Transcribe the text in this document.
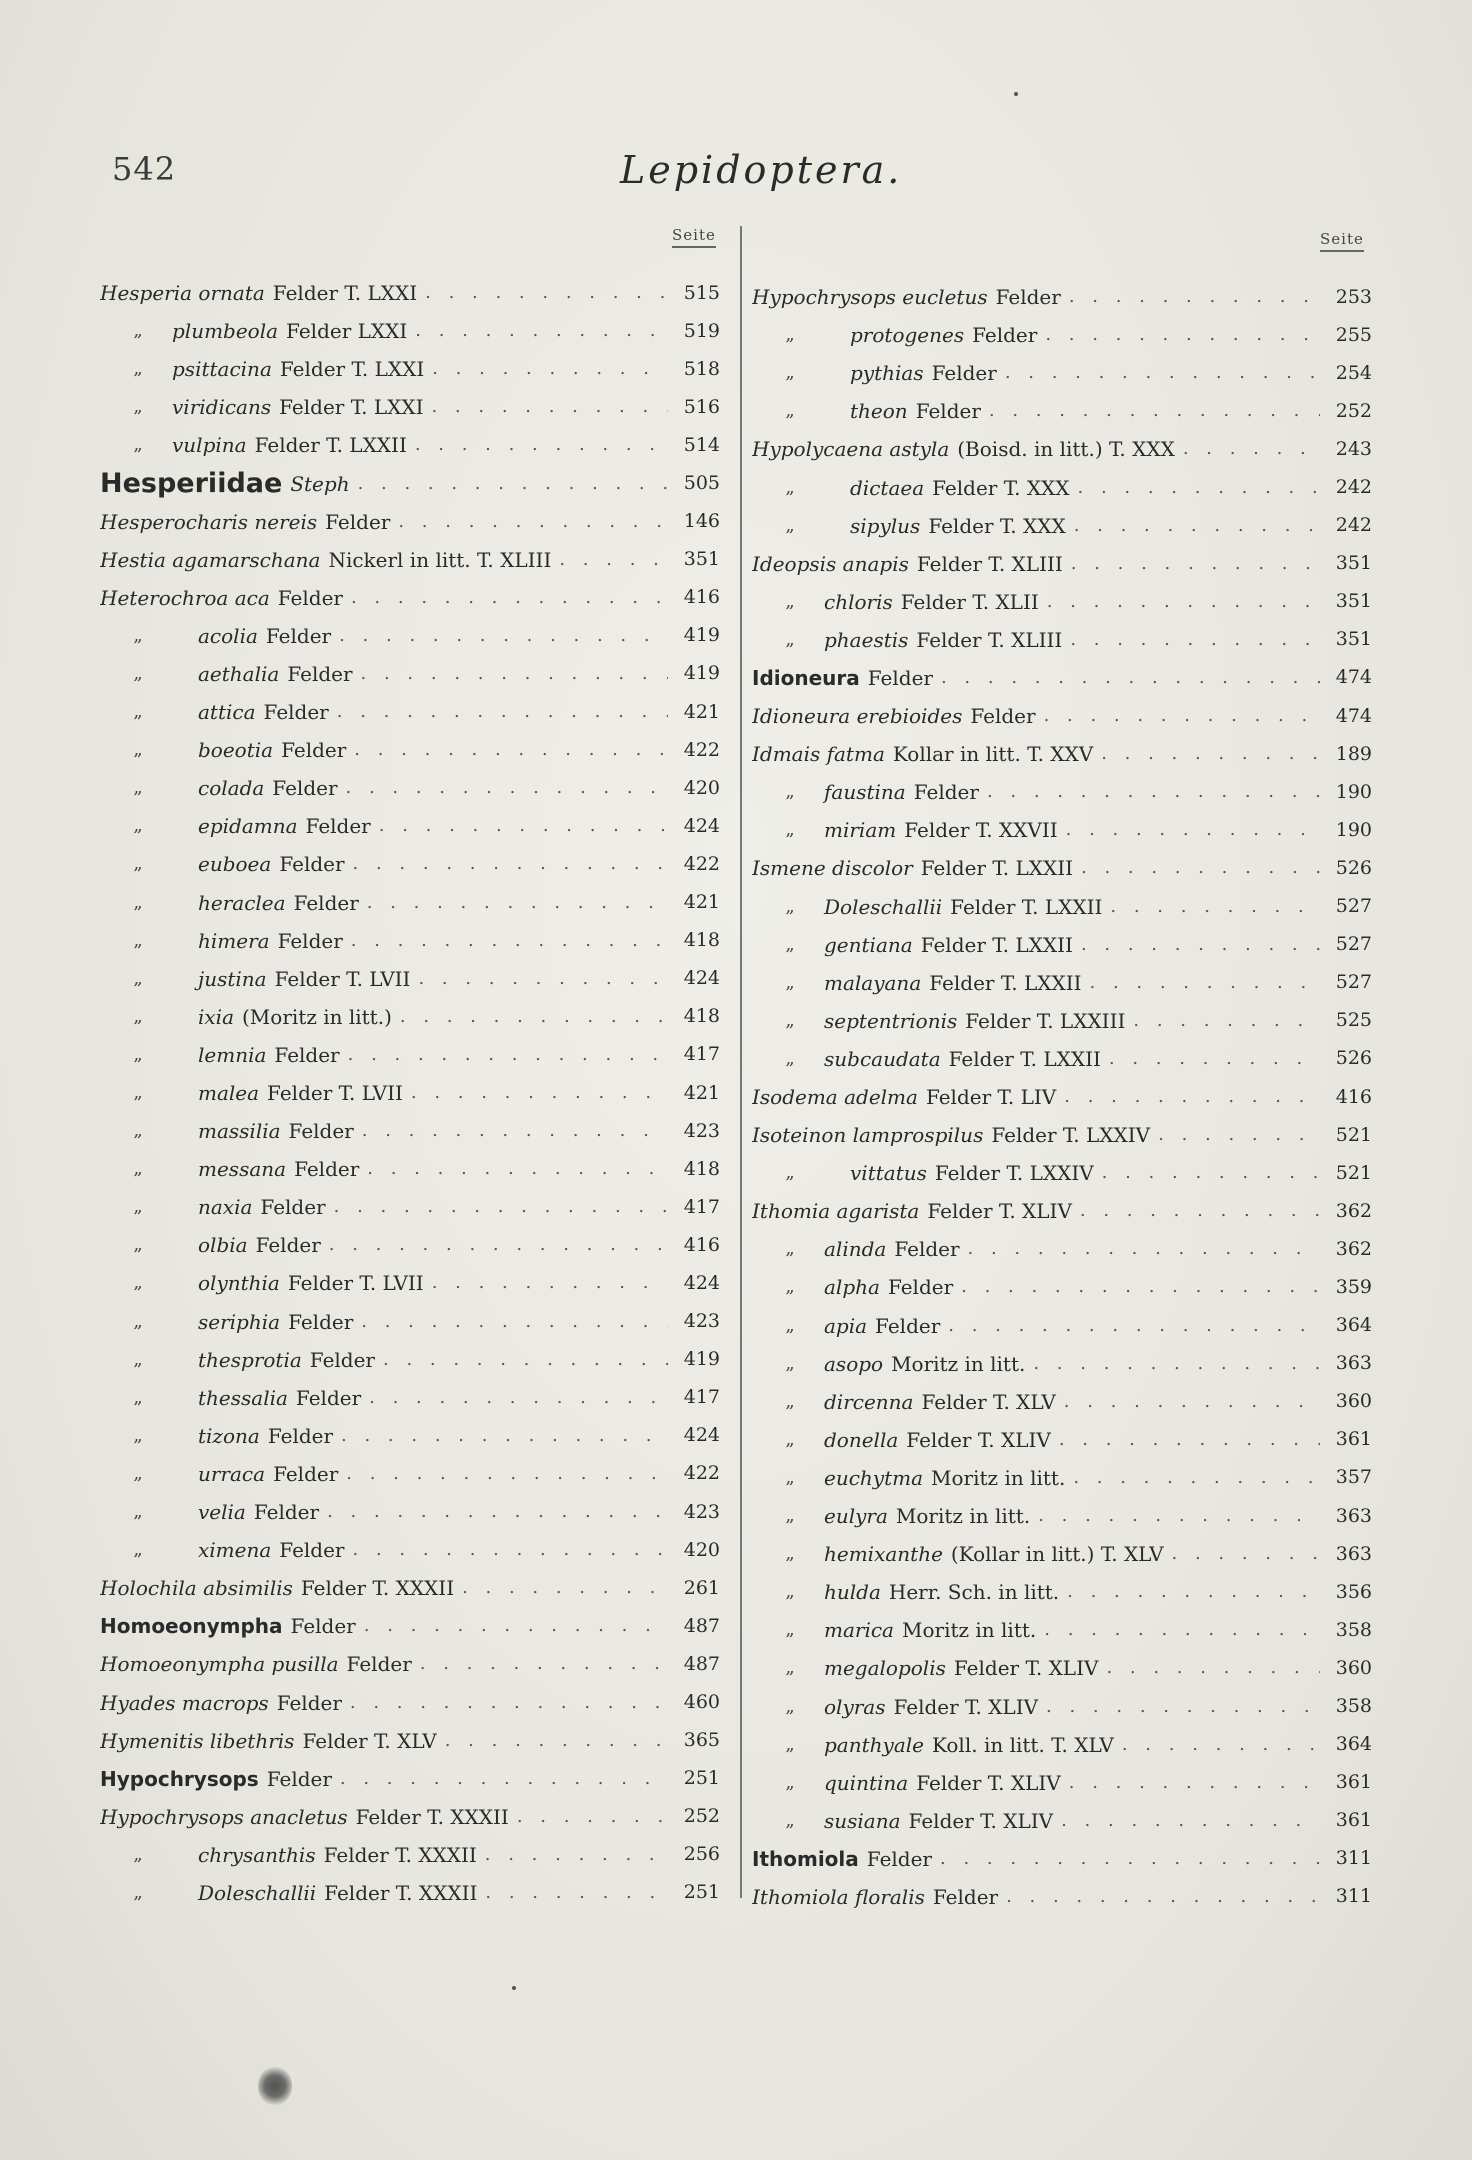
542	Lepidoptera.
Seite	Seite
Hesperia ornata Felder T. LXXI . . .	515
„ plumbeola Felder LXXI . . .	519
„ psittacina Felder T. LXXI . . .	518
„ viridicans Felder T. LXXI . . .	516
„ vulpina Felder T. LXXII . . .	514
Hesperiidae Steph . . .	505
Hesperocharis nereis Felder . . .	146
Hestia agamarschana Nickerl in litt. T. XLIII . . .	351
Heterochroa aca Felder . . .	416
„	acolia Felder . . .	419
„	aethalia Felder . . .	419
„	attica Felder . . .	421
„	boeotia Felder . . .	422
„	colada Felder . . .	420
„	epidamna Felder . . .	424
„	euboea Felder . . .	422
„	heraclea Felder . . .	421
„	himera Felder . . .	418
„	justina Felder T. LVII . . .	424
„	ixia (Moritz in litt.) . . .	418
„	lemnia Felder . . .	417
„	malea Felder T. LVII . . .	421
„	massilia Felder . . .	423
„	messana Felder . . .	418
„	naxia Felder . . .	417
„	olbia Felder . . .	416
„	olynthia Felder T. LVII . . .	424
„	seriphia Felder . . .	423
„	thesprotia Felder . . .	419
„	thessalia Felder . . .	417
„	tizona Felder . . .	424
„	urraca Felder . . .	422
„	velia Felder . . .	423
„	ximena Felder . . .	420
Holochila absimilis Felder T. XXXII . . .	261
Homoeonympha Felder . . .	487
Homoeonympha pusilla Felder . . .	487
Hyades macrops Felder . . .	460
Hymenitis libethris Felder T. XLV . . .	365
Hypochrysops Felder . . .	251
Hypochrysops anacletus Felder T. XXXII . . .	252
„	chrysanthis Felder T. XXXII . . .	256
„	Doleschallii Felder T. XXXII . . .	251
Hypochrysops eucletus Felder . . .	253
„	protogenes Felder . . .	255
„	pythias Felder . . .	254
„	theon Felder . . .	252
Hypolycaena astyla (Boisd. in litt.) T. XXX . . .	243
„	dictaea Felder T. XXX . . .	242
„	sipylus Felder T. XXX . . .	242
Ideopsis anapis Felder T. XLIII . . .	351
„ chloris Felder T. XLII . . .	351
„ phaestis Felder T. XLIII . . .	351
Idioneura Felder . . .	474
Idioneura erebioides Felder . . .	474
Idmais fatma Kollar in litt. T. XXV . . .	189
„ faustina Felder . . .	190
„ miriam Felder T. XXVII . . .	190
Ismene discolor Felder T. LXXII . . .	526
„ Doleschallii Felder T. LXXII . . .	527
„ gentiana Felder T. LXXII . . .	527
„ malayana Felder T. LXXII . . .	527
„ septentrionis Felder T. LXXIII . . .	525
„ subcaudata Felder T. LXXII . . .	526
Isodema adelma Felder T. LIV . . .	416
Isoteinon lamprospilus Felder T. LXXIV . . .	521
„	vittatus Felder T. LXXIV . . .	521
Ithomia agarista Felder T. XLIV . . .	362
„ alinda Felder . . .	362
„ alpha Felder . . .	359
„ apia Felder . . .	364
„ asopo Moritz in litt. . . .	363
„ dircenna Felder T. XLV . . .	360
„ donella Felder T. XLIV . . .	361
„ euchytma Moritz in litt. . . .	357
„ eulyra Moritz in litt. . . .	363
„ hemixanthe (Kollar in litt.) T. XLV . . .	363
„ hulda Herr. Sch. in litt. . . .	356
„ marica Moritz in litt. . . .	358
„ megalopolis Felder T. XLIV . . .	360
„ olyras Felder T. XLIV . . .	358
„ panthyale Koll. in litt. T. XLV . . .	364
„ quintina Felder T. XLIV . . .	361
„ susiana Felder T. XLIV . . .	361
Ithomiola Felder . . .	311
Ithomiola floralis Felder . . .	311
